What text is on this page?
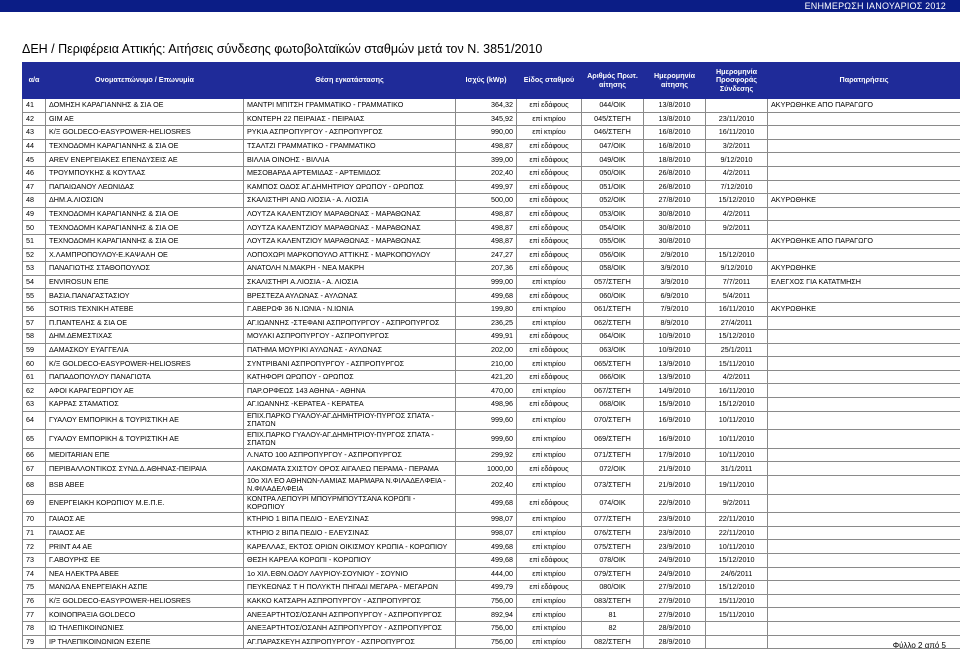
ΕΝΗΜΕΡΩΣΗ ΙΑΝΟΥΑΡΙΟΣ 2012
ΔΕΗ / Περιφέρεια Αττικής: Αιτήσεις σύνδεσης φωτοβολταϊκών σταθμών μετά τον Ν. 3851/2010
α/α	Ονοματεπώνυμο / Επωνυμία	Θέση εγκατάστασης	Ισχύς (kWp)	Είδος σταθμού	Αριθμός Πρωτ. αίτησης	Ημερομηνία αίτησης	Ημερομηνία Προσφοράς Σύνδεσης	Παρατηρήσεις
41	ΔΟΜΗΣΗ ΚΑΡΑΓΙΑΝΝΗΣ & ΣΙΑ ΟΕ	ΜΑΝΤΡΙ ΜΠΙΤΣΗ ΓΡΑΜΜΑΤΙΚΟ - ΓΡΑΜΜΑΤΙΚΟ	364,32	επί εδάφους	044/ΟΙΚ	13/8/2010		ΑΚΥΡΩΘΗΚΕ ΑΠΟ ΠΑΡΑΓΩΓΟ
42	GIM AE	ΚΟΝΤΕΡΗ 22 ΠΕΙΡΑΙΑΣ - ΠΕΙΡΑΙΑΣ	345,92	επί κτιρίου	045/ΣΤΕΓΗ	13/8/2010	23/11/2010	
43	Κ/Ξ GOLDECO-EASYPOWER-HELIOSRES	ΡΥΚΙΑ ΑΣΠΡΟΠΥΡΓΟΥ - ΑΣΠΡΟΠΥΡΓΟΣ	990,00	επί κτιρίου	046/ΣΤΕΓΗ	16/8/2010	16/11/2010	
44	ΤΕΧΝΟΔΟΜΗ ΚΑΡΑΓΙΑΝΝΗΣ & ΣΙΑ ΟΕ	ΤΣΑΛΤΖΙ ΓΡΑΜΜΑΤΙΚΟ - ΓΡΑΜΜΑΤΙΚΟ	498,87	επί εδάφους	047/ΟΙΚ	16/8/2010	3/2/2011	
45	AREV ΕΝΕΡΓΕΙΑΚΕΣ ΕΠΕΝΔΥΣΕΙΣ ΑΕ	ΒΙΛΛΙΑ ΟΙΝΟΗΣ - ΒΙΛΛΙΑ	399,00	επί εδάφους	049/ΟΙΚ	18/8/2010	9/12/2010	
46	ΤΡΟΥΜΠΟΥΚΗΣ & ΚΟΥΤΛΑΣ	ΜΕΣΟΒΑΡΔΑ ΑΡΤΕΜΙΔΑΣ - ΑΡΤΕΜΙΔΟΣ	202,40	επί εδάφους	050/ΟΙΚ	26/8/2010	4/2/2011	
47	ΠΑΠΑΙΩΑΝΟΥ ΛΕΩΝΙΔΑΣ	ΚΑΜΠΟΣ ΟΔΟΣ ΑΓ.ΔΗΜΗΤΡΙΟΥ ΩΡΩΠΟΥ - ΩΡΩΠΟΣ	499,97	επί εδάφους	051/ΟΙΚ	26/8/2010	7/12/2010	
48	ΔΗΜ.Α.ΛΙΟΣΙΩΝ	ΣΚΑΛΙΣΤΗΡΙ ΑΝΩ ΛΙΟΣΙΑ - Α. ΛΙΟΣΙΑ	500,00	επί εδάφους	052/ΟΙΚ	27/8/2010	15/12/2010	ΑΚΥΡΩΘΗΚΕ
49	ΤΕΧΝΟΔΟΜΗ ΚΑΡΑΓΙΑΝΝΗΣ & ΣΙΑ ΟΕ	ΛΟΥΤΖΑ ΚΑΛΕΝΤΖΙΟΥ ΜΑΡΑΘΩΝΑΣ - ΜΑΡΑΘΩΝΑΣ	498,87	επί εδάφους	053/ΟΙΚ	30/8/2010	4/2/2011	
50	ΤΕΧΝΟΔΟΜΗ ΚΑΡΑΓΙΑΝΝΗΣ & ΣΙΑ ΟΕ	ΛΟΥΤΖΑ ΚΑΛΕΝΤΖΙΟΥ ΜΑΡΑΘΩΝΑΣ - ΜΑΡΑΘΩΝΑΣ	498,87	επί εδάφους	054/ΟΙΚ	30/8/2010	9/2/2011	
51	ΤΕΧΝΟΔΟΜΗ ΚΑΡΑΓΙΑΝΝΗΣ & ΣΙΑ ΟΕ	ΛΟΥΤΖΑ ΚΑΛΕΝΤΖΙΟΥ ΜΑΡΑΘΩΝΑΣ - ΜΑΡΑΘΩΝΑΣ	498,87	επί εδάφους	055/ΟΙΚ	30/8/2010		ΑΚΥΡΩΘΗΚΕ ΑΠΟ ΠΑΡΑΓΩΓΟ
52	Χ.ΛΑΜΠΡΟΠΟΥΛΟΥ-Ε.ΚΑΨΑΛΗ ΟΕ	ΛΟΠΟΧΩΡΙ ΜΑΡΚΟΠΟΥΛΟ ΑΤΤΙΚΗΣ - ΜΑΡΚΟΠΟΥΛΟΥ	247,27	επί εδάφους	056/ΟΙΚ	2/9/2010	15/12/2010	
53	ΠΑΝΑΓΙΩΤΗΣ ΣΤΑΘΟΠΟΥΛΟΣ	ΑΝΑΤΟΛΗ Ν.ΜΑΚΡΗ - ΝΕΑ ΜΑΚΡΗ	207,36	επί εδάφους	058/ΟΙΚ	3/9/2010	9/12/2010	ΑΚΥΡΩΘΗΚΕ
54	ENVIROSUN ΕΠΕ	ΣΚΑΛΙΣΤΗΡΙ Α.ΛΙΟΣΙΑ - Α. ΛΙΟΣΙΑ	999,00	επί κτιρίου	057/ΣΤΕΓΗ	3/9/2010	7/7/2011	ΕΛΕΓΧΟΣ ΓΙΑ ΚΑΤΑΤΜΗΣΗ
55	ΒΑΣΙΑ.ΠΑΝΑΓΑΣΤΑΣΙΟΥ	ΒΡΕΣΤΕΖΑ ΑΥΛΩΝΑΣ - ΑΥΛΩΝΑΣ	499,68	επί εδάφους	060/ΟΙΚ	6/9/2010	5/4/2011	
56	SOTRIS TEXNIKH ATEBE	Γ.ΑΒΕΡΩΦ 36 Ν.ΙΩΝΙΑ - Ν.ΙΩΝΙΑ	199,80	επί κτιρίου	061/ΣΤΕΓΗ	7/9/2010	16/11/2010	ΑΚΥΡΩΘΗΚΕ
57	Π.ΠΑΝΤΕΛΗΣ & ΣΙΑ ΟΕ	ΑΓ.ΙΩΑΝΝΗΣ -ΣΤΕΦΑΝΙ ΑΣΠΡΟΠΥΡΓΟΥ - ΑΣΠΡΟΠΥΡΓΟΣ	236,25	επί κτιρίου	062/ΣΤΕΓΗ	8/9/2010	27/4/2011	
58	ΔΗΜ.ΔΕΜΕΣΤΙΧΑΣ	ΜΟΥΛΚΙ ΑΣΠΡΟΠΥΡΓΟΥ - ΑΣΠΡΟΠΥΡΓΟΣ	499,91	επί εδάφους	064/ΟΙΚ	10/9/2010	15/12/2010	
59	ΔΑΜΑΣΚΟΥ ΕΥΑΓΓΕΛΙΑ	ΠΑΤΗΜΑ ΜΟΥΡΙΚΙ ΑΥΛΩΝΑΣ - ΑΥΛΩΝΑΣ	202,00	επί εδάφους	063/ΟΙΚ	10/9/2010	25/1/2011	
60	Κ/Ξ GOLDECO-EASYPOWER-HELIOSRES	ΣΥΝΤΡΙΒΑΝΙ ΑΣΠΡΟΠΥΡΓΟΥ - ΑΣΠΡΟΠΥΡΓΟΣ	210,00	επί κτιρίου	065/ΣΤΕΓΗ	13/9/2010	15/11/2010	
61	ΠΑΠΑΔΟΠΟΥΛΟΥ ΠΑΝΑΓΙΩΤΑ	ΚΑΤΗΦΟΡΙ ΩΡΩΠΟΥ - ΩΡΩΠΟΣ	421,20	επί εδάφους	066/ΟΙΚ	13/9/2010	4/2/2011	
62	ΑΦΟΙ ΚΑΡΑΓΕΩΡΓΙΟΥ ΑΕ	ΠΑΡ.ΟΡΦΕΩΣ 143 ΑΘΗΝΑ - ΑΘΗΝΑ	470,00	επί κτιρίου	067/ΣΤΕΓΗ	14/9/2010	16/11/2010	
63	ΚΑΡΡΑΣ ΣΤΑΜΑΤΙΟΣ	ΑΓ.ΙΩΑΝΝΗΣ -ΚΕΡΑΤΕΑ - ΚΕΡΑΤΕΑ	498,96	επί εδάφους	068/ΟΙΚ	15/9/2010	15/12/2010	
64	ΓΥΑΛΟΥ ΕΜΠΟΡΙΚΗ & ΤΟΥΡΙΣΤΙΚΗ ΑΕ	ΕΠΙΧ.ΠΑΡΚΟ ΓΥΑΛΟΥ-ΑΓ.ΔΗΜΗΤΡΙΟΥ-ΠΥΡΓΟΣ ΣΠΑΤΑ - ΣΠΑΤΩΝ	999,60	επί κτιρίου	070/ΣΤΕΓΗ	16/9/2010	10/11/2010	
65	ΓΥΑΛΟΥ ΕΜΠΟΡΙΚΗ & ΤΟΥΡΙΣΤΙΚΗ ΑΕ	ΕΠΙΧ.ΠΑΡΚΟ ΓΥΑΛΟΥ-ΑΓ.ΔΗΜΗΤΡΙΟΥ-ΠΥΡΓΟΣ ΣΠΑΤΑ - ΣΠΑΤΩΝ	999,60	επί κτιρίου	069/ΣΤΕΓΗ	16/9/2010	10/11/2010	
66	MEDITARIAN ΕΠΕ	Λ.ΝΑΤΟ 100 ΑΣΠΡΟΠΥΡΓΟΥ - ΑΣΠΡΟΠΥΡΓΟΣ	299,92	επί κτιρίου	071/ΣΤΕΓΗ	17/9/2010	10/11/2010	
67	ΠΕΡΙΒΑΛΛΟΝΤΙΚΟΣ ΣΥΝΔ.Δ.ΑΘΗΝΑΣ-ΠΕΙΡΑΙΑ	ΛΑΚΩΜΑΤΑ ΣΧΙΣΤΟΥ ΟΡΟΣ ΑΙΓΑΛΕΩ ΠΕΡΑΜΑ - ΠΕΡΑΜΑ	1000,00	επί εδάφους	072/ΟΙΚ	21/9/2010	31/1/2011	
68	BSB ABEE	10ο ΧΙΛ ΕΟ ΑΘΗΝΩΝ-ΛΑΜΙΑΣ ΜΑΡΜΑΡΑ Ν.ΦΙΛΑΔΕΛΦΕΙΑ - Ν.ΦΙΛΑΔΕΛΦΕΙΑ	202,40	επί κτιρίου	073/ΣΤΕΓΗ	21/9/2010	19/11/2010	
69	ΕΝΕΡΓΕΙΑΚΗ ΚΟΡΩΠΙΟΥ Μ.Ε.Π.Ε.	ΚΟΝΤΡΑ ΛΕΠΟΥΡΙ ΜΠΟΥΡΜΠΟΥΤΣΑΝΑ ΚΟΡΩΠΙ - ΚΟΡΩΠΙΟΥ	499,68	επί εδάφους	074/ΟΙΚ	22/9/2010	9/2/2011	
70	ΓΑΙΑΟΣ ΑΕ	ΚΤΗΡΙΟ 1 ΒΙΠΑ ΠΕΔΙΟ - ΕΛΕΥΣΙΝΑΣ	998,07	επί κτιρίου	077/ΣΤΕΓΗ	23/9/2010	22/11/2010	
71	ΓΑΙΑΟΣ ΑΕ	ΚΤΗΡΙΟ 2 ΒΙΠΑ ΠΕΔΙΟ - ΕΛΕΥΣΙΝΑΣ	998,07	επί κτιρίου	076/ΣΤΕΓΗ	23/9/2010	22/11/2010	
72	PRINT A4 AE	ΚΑΡΕΛΛΑΣ, ΕΚΤΟΣ ΟΡΙΩΝ ΟΙΚΙΣΜΟΥ ΚΡΩΠΙΑ - ΚΟΡΩΠΙΟΥ	499,68	επί κτιρίου	075/ΣΤΕΓΗ	23/9/2010	10/11/2010	
73	Γ.ΑΒΟΥΡΗΣ ΕΕ	ΘΕΣΗ ΚΑΡΕΛΑ ΚΟΡΩΠΙ - ΚΟΡΩΠΙΟΥ	499,68	επί εδάφους	078/ΟΙΚ	24/9/2010	15/12/2010	
74	ΝΕΑ ΗΛΕΚΤΡΑ ΑΒΕΕ	1ο ΧΙΛ.ΕΘΝ.ΟΔΟΥ ΛΑΥΡΙΟΥ-ΣΟΥΝΙΟΥ - ΣΟΥΝΙΟ	444,00	επί κτιρίου	079/ΣΤΕΓΗ	24/9/2010	24/6/2011	
75	ΜΑΝΩΛΑ ΕΝΕΡΓΕΙΑΚΗ ΑΣΠΕ	ΠΕΥΚΕΩΝΑΣ Τ Η ΠΟΛΥΚΤΗ ΠΗΓΑΔΙ ΜΕΓΑΡΑ - ΜΕΓΑΡΩΝ	499,79	επί εδάφους	080/ΟΙΚ	27/9/2010	15/12/2010	
76	Κ/Ξ GOLDECO-EASYPOWER-HELIOSRES	ΚΑΚΚΟ ΚΑΤΣΑΡΗ ΑΣΠΡΟΠΥΡΓΟΥ - ΑΣΠΡΟΠΥΡΓΟΣ	756,00	επί κτιρίου	083/ΣΤΕΓΗ	27/9/2010	15/11/2010	
77	ΚΟΙΝΟΠΡΑΞΙΑ GOLDECO	ΑΝΕΞΑΡΤΗΤΟΣ/ΟΣΑΝΗ ΑΣΠΡΟΠΥΡΓΟΥ - ΑΣΠΡΟΠΥΡΓΟΣ	892,94	επί κτιρίου	81	27/9/2010	15/11/2010	
78	ΙΩ ΤΗΛΕΠΙΚΟΙΝΩΝΙΕΣ	ΑΝΕΞΑΡΤΗΤΟΣ/ΟΣΑΝΗ ΑΣΠΡΟΠΥΡΓΟΥ - ΑΣΠΡΟΠΥΡΓΟΣ	756,00	επί κτιρίου	82	28/9/2010		
79	ΙΡ ΤΗΛΕΠΙΚΟΙΝΩΝΙΩΝ ΕΣΕΠΕ	ΑΓ.ΠΑΡΑΣΚΕΥΗ ΑΣΠΡΟΠΥΡΓΟΥ - ΑΣΠΡΟΠΥΡΓΟΣ	756,00	επί κτιρίου	082/ΣΤΕΓΗ	28/9/2010			Φύλλο 2 από 5
